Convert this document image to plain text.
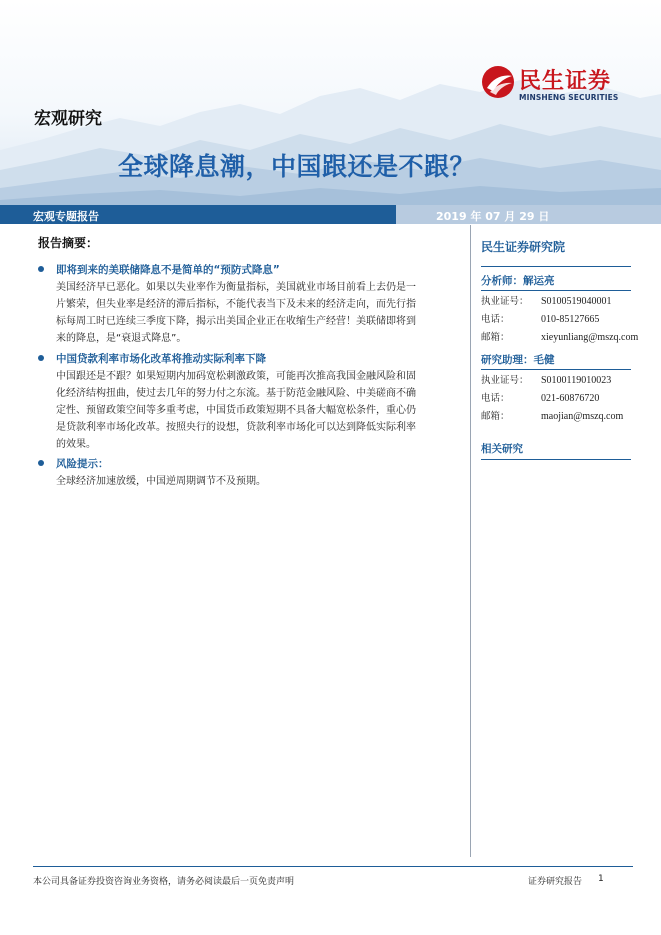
民生证券
MINSHENG SECURITIES
宏观研究
全球降息潮，中国跟还是不跟？
宏观专题报告	2019 年 07 月 29 日
报告摘要：
即将到来的美联储降息不是简单的“预防式降息”
美国经济早已恶化。如果以失业率作为衡量指标，美国就业市场目前看上去仍是一
片繁荣，但失业率是经济的滞后指标，不能代表当下及未来的经济走向，而先行指
标每周工时已连续三季度下降，揭示出美国企业正在收缩生产经营！美联储即将到
来的降息，是“衰退式降息”。
中国贷款利率市场化改革将推动实际利率下降
中国跟还是不跟？如果短期内加码宽松刺激政策，可能再次推高我国金融风险和固
化经济结构扭曲，使过去几年的努力付之东流。基于防范金融风险、中美磋商不确
定性、预留政策空间等多重考虑，中国货币政策短期不具备大幅宽松条件，重心仍
是贷款利率市场化改革。按照央行的设想，贷款利率市场化可以达到降低实际利率
的效果。
风险提示：
全球经济加速放缓，中国逆周期调节不及预期。
民生证券研究院
分析师：解运亮
执业证号： S0100519040001
电话：	010-85127665
邮箱：	xieyunliang@mszq.com
研究助理：毛健
执业证号： S0100119010023
电话：	021-60876720
邮箱：	maojian@mszq.com
相关研究
本公司具备证券投资咨询业务资格，请务必阅读最后一页免责声明	证券研究报告 1
